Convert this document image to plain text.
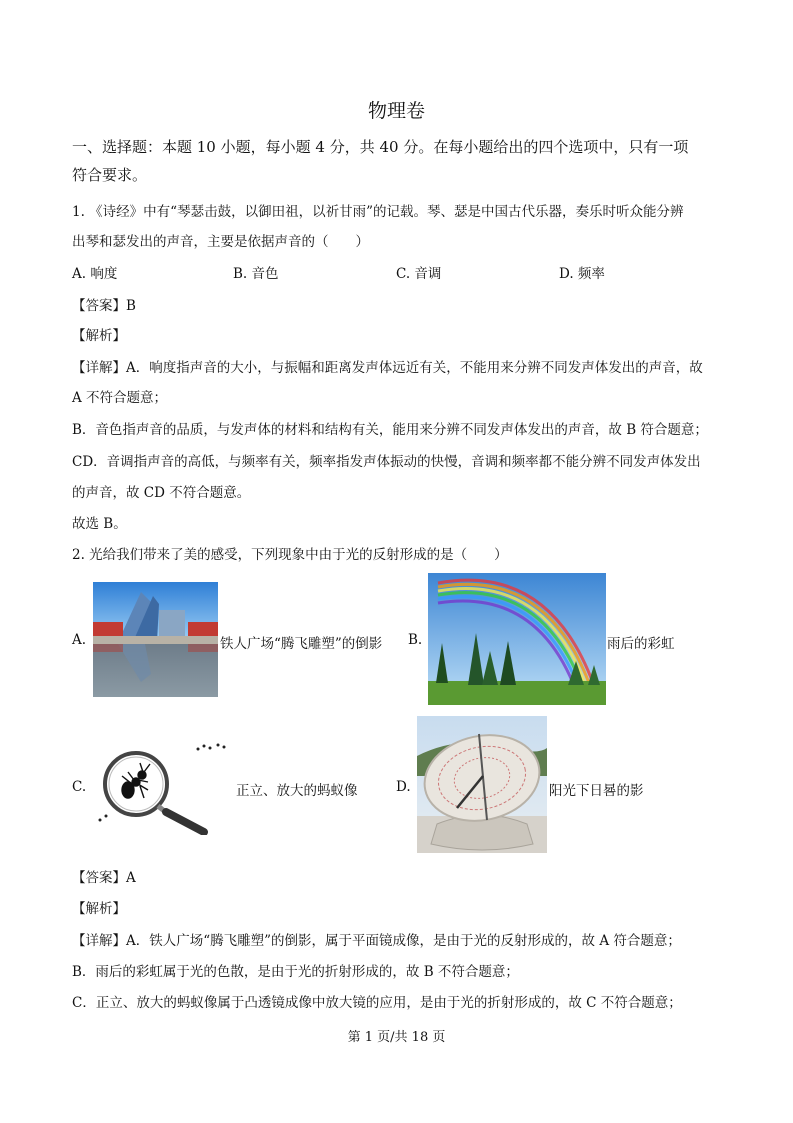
物理卷
一、选择题：本题 10 小题，每小题 4 分，共 40 分。在每小题给出的四个选项中，只有一项
符合要求。
1. 《诗经》中有“琴瑟击鼓，以御田祖，以祈甘雨”的记载。琴、瑟是中国古代乐器，奏乐时听众能分辨
出琴和瑟发出的声音，主要是依据声音的（　　）
A. 响度	B. 音色	C. 音调	D. 频率
【答案】B
【解析】
【详解】A．响度指声音的大小，与振幅和距离发声体远近有关，不能用来分辨不同发声体发出的声音，故
A 不符合题意；
B．音色指声音的品质，与发声体的材料和结构有关，能用来分辨不同发声体发出的声音，故 B 符合题意；
CD．音调指声音的高低，与频率有关，频率指发声体振动的快慢，音调和频率都不能分辨不同发声体发出
的声音，故 CD 不符合题意。
故选 B。
2. 光给我们带来了美的感受，下列现象中由于光的反射形成的是（　　）
A.	铁人广场“腾飞雕塑”的倒影 B.	雨后的彩虹
C.	正立、放大的蚂蚁像	D.	阳光下日晷的影
【答案】A
【解析】
【详解】A．铁人广场“腾飞雕塑”的倒影，属于平面镜成像，是由于光的反射形成的，故 A 符合题意；
B．雨后的彩虹属于光的色散，是由于光的折射形成的，故 B 不符合题意；
C．正立、放大的蚂蚁像属于凸透镜成像中放大镜的应用，是由于光的折射形成的，故 C 不符合题意；
第 1 页/共 18 页
